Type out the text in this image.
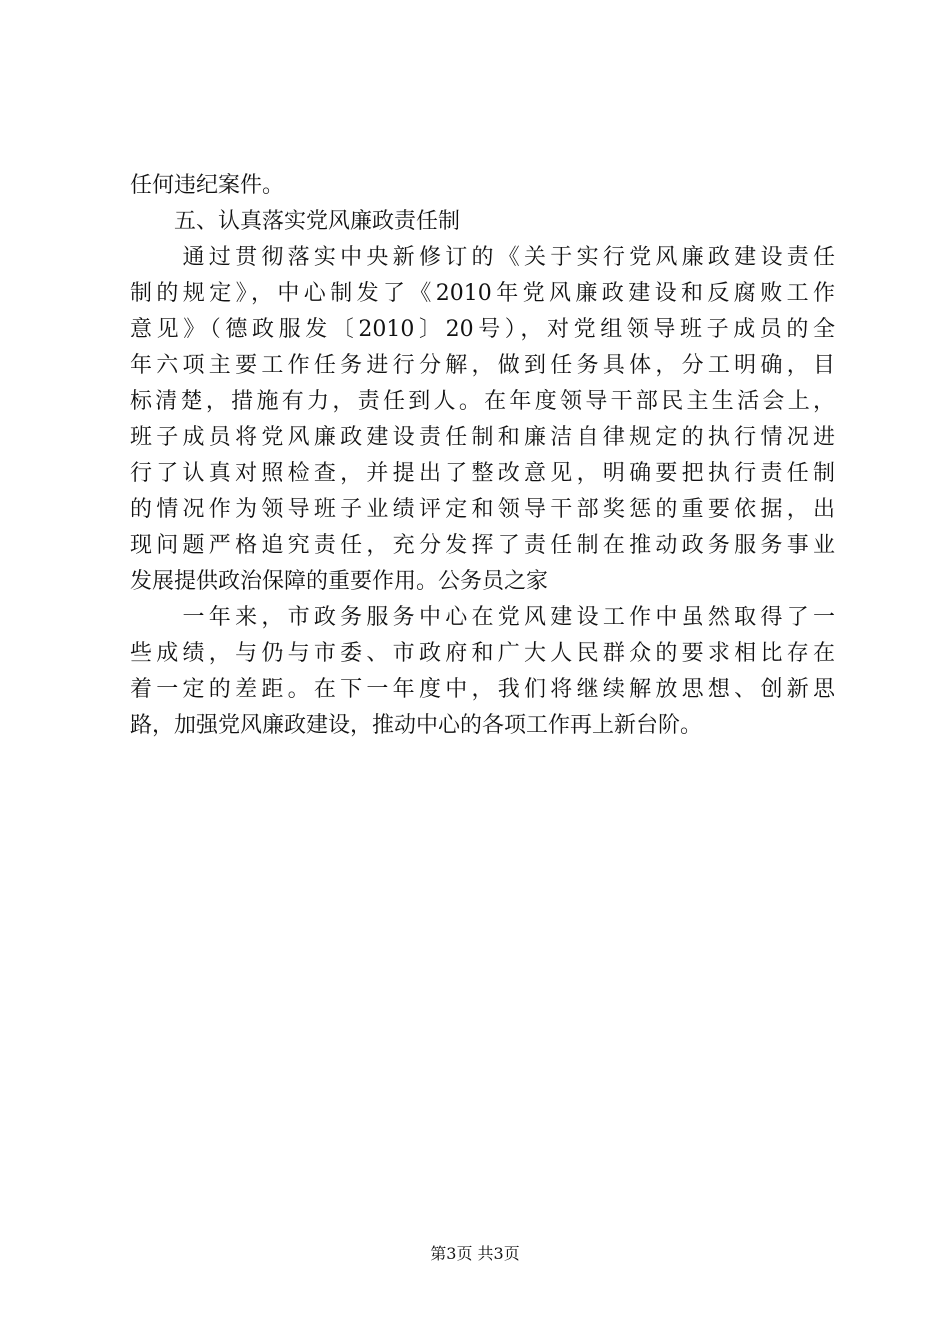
任何违纪案件。
　　五、认真落实党风廉政责任制
　　通过贯彻落实中央新修订的《关于实行党风廉政建设责任
制的规定》，中心制发了《2010年党风廉政建设和反腐败工作
意见》（德政服发〔2010〕20号），对党组领导班子成员的全
年六项主要工作任务进行分解，做到任务具体，分工明确，目
标清楚，措施有力，责任到人。在年度领导干部民主生活会上，
班子成员将党风廉政建设责任制和廉洁自律规定的执行情况进
行了认真对照检查，并提出了整改意见，明确要把执行责任制
的情况作为领导班子业绩评定和领导干部奖惩的重要依据，出
现问题严格追究责任，充分发挥了责任制在推动政务服务事业
发展提供政治保障的重要作用。公务员之家
　　一年来，市政务服务中心在党风建设工作中虽然取得了一
些成绩，与仍与市委、市政府和广大人民群众的要求相比存在
着一定的差距。在下一年度中，我们将继续解放思想、创新思
路，加强党风廉政建设，推动中心的各项工作再上新台阶。
第3页 共3页
